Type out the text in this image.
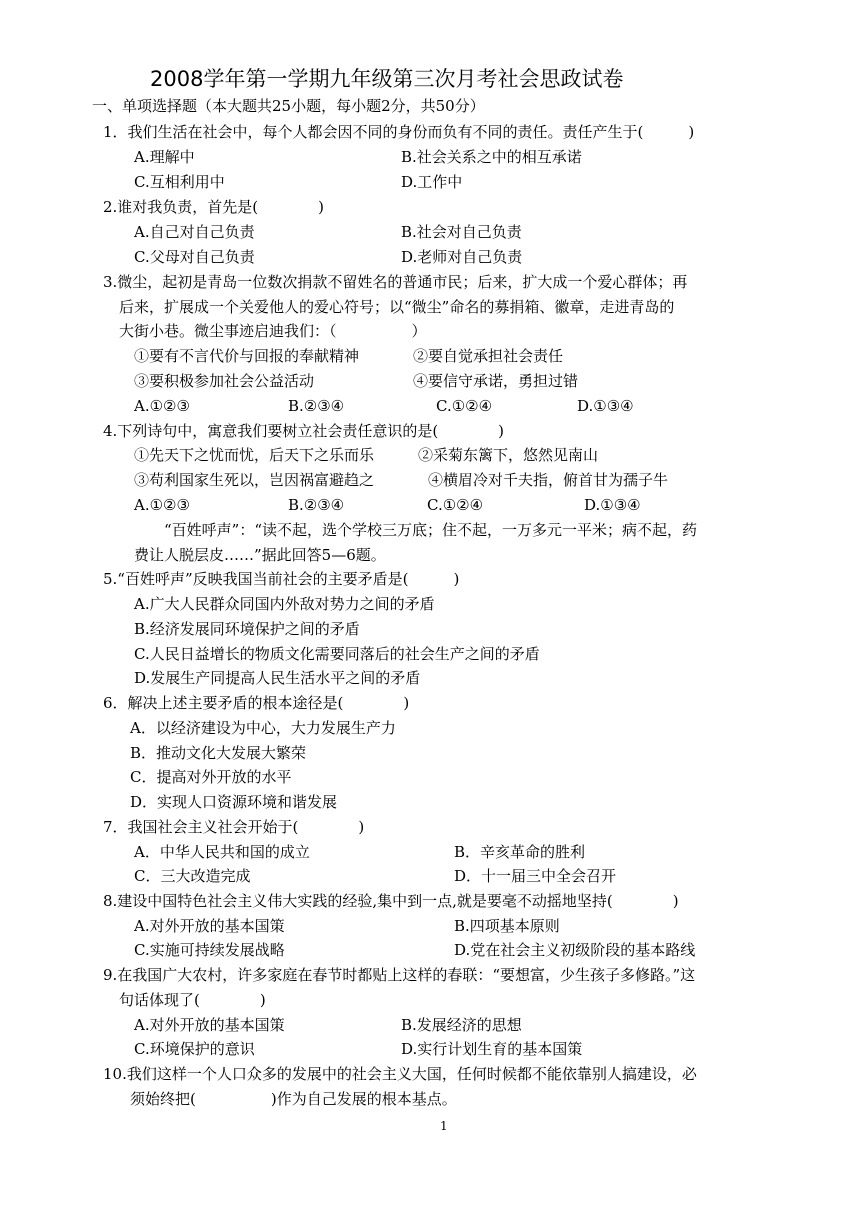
2008学年第一学期九年级第三次月考社会思政试卷
一、单项选择题（本大题共25小题，每小题2分，共50分）
1．我们生活在社会中，每个人都会因不同的身份而负有不同的责任。责任产生于(　　　)
A.理解中	B.社会关系之中的相互承诺
C.互相利用中	D.工作中
2.谁对我负责，首先是(　　　　)
A.自己对自己负责	B.社会对自己负责
C.父母对自己负责	D.老师对自己负责
3.微尘，起初是青岛一位数次捐款不留姓名的普通市民；后来，扩大成一个爱心群体；再
后来，扩展成一个关爱他人的爱心符号；以“微尘”命名的募捐箱、徽章，走进青岛的
大街小巷。微尘事迹启迪我们：（　　　　　）
①要有不言代价与回报的奉献精神	②要自觉承担社会责任
③要积极参加社会公益活动	④要信守承诺，勇担过错
A.①②③	B.②③④	C.①②④	D.①③④
4.下列诗句中，寓意我们要树立社会责任意识的是(　　　　)
①先天下之忧而忧，后天下之乐而乐	②采菊东篱下，悠然见南山
③苟利国家生死以，岂因祸富避趋之	④横眉冷对千夫指，俯首甘为孺子牛
A.①②③	B.②③④	C.①②④	D.①③④
“百姓呼声”：“读不起，选个学校三万底；住不起，一万多元一平米；病不起，药
费让人脱层皮……”据此回答5—6题。
5.“百姓呼声”反映我国当前社会的主要矛盾是(　　　)
A.广大人民群众同国内外敌对势力之间的矛盾
B.经济发展同环境保护之间的矛盾
C.人民日益增长的物质文化需要同落后的社会生产之间的矛盾
D.发展生产同提高人民生活水平之间的矛盾
6．解决上述主要矛盾的根本途径是(　　　　)
A．以经济建设为中心，大力发展生产力
B．推动文化大发展大繁荣
C．提高对外开放的水平
D．实现人口资源环境和谐发展
7．我国社会主义社会开始于(　　　　)
A．中华人民共和国的成立	B．辛亥革命的胜利
C．三大改造完成	D．十一届三中全会召开
8.建设中国特色社会主义伟大实践的经验,集中到一点,就是要毫不动摇地坚持(　　　　)
A.对外开放的基本国策	B.四项基本原则
C.实施可持续发展战略	D.党在社会主义初级阶段的基本路线
9.在我国广大农村，许多家庭在春节时都贴上这样的春联：“要想富，少生孩子多修路。”这
句话体现了(　　　　)
A.对外开放的基本国策	B.发展经济的思想
C.环境保护的意识	D.实行计划生育的基本国策
10.我们这样一个人口众多的发展中的社会主义大国，任何时候都不能依靠别人搞建设，必
须始终把(　　　　　)作为自己发展的根本基点。
1
